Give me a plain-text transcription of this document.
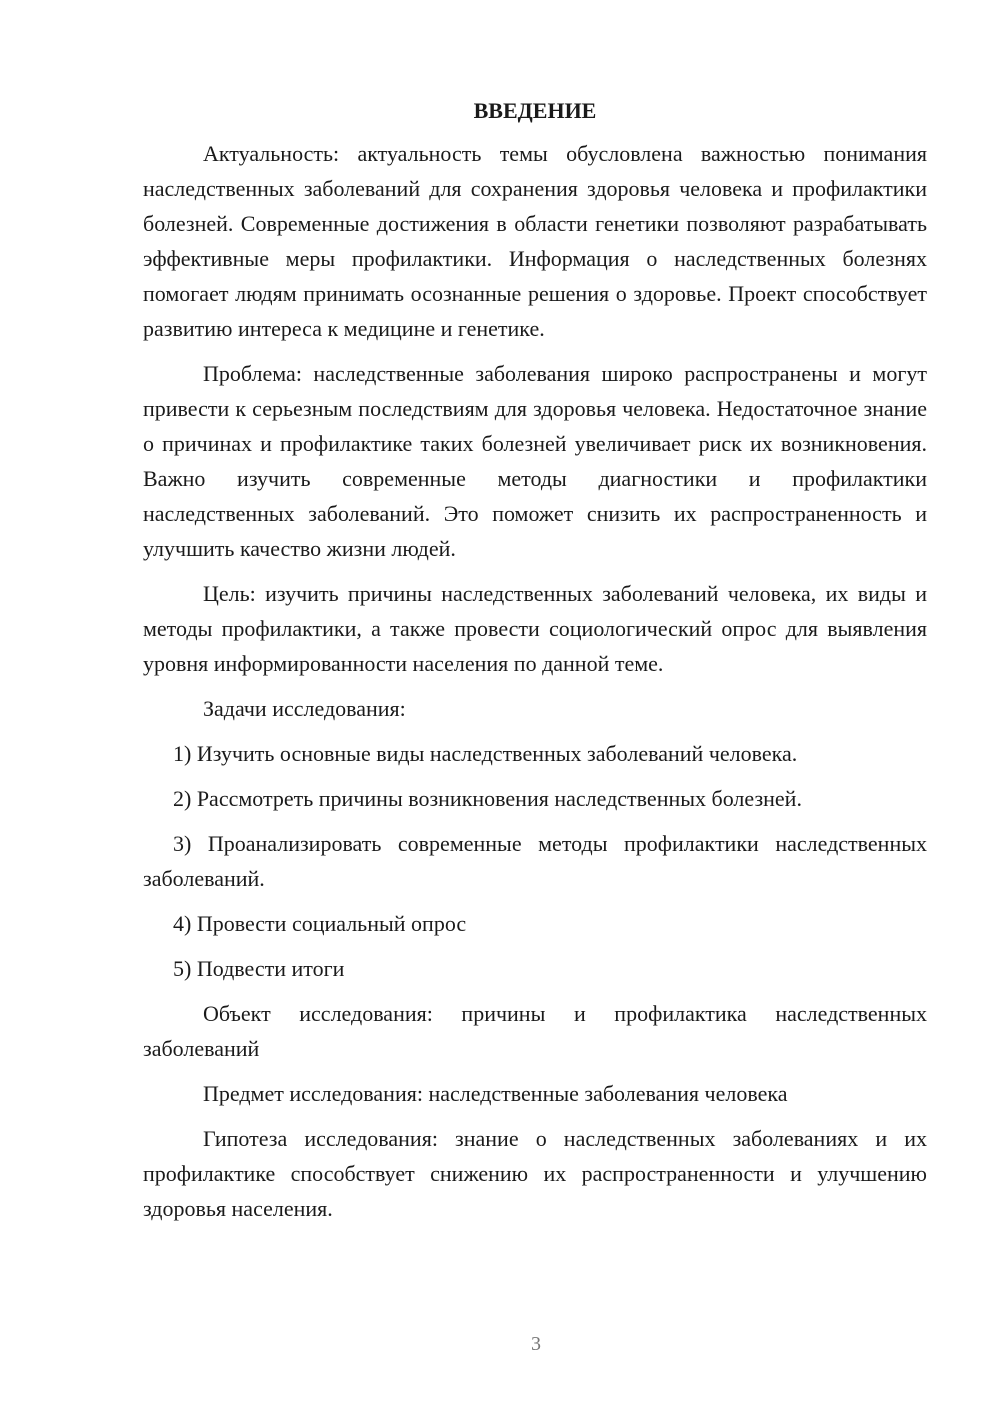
ВВЕДЕНИЕ

Актуальность: актуальность темы обусловлена важностью понимания наследственных заболеваний для сохранения здоровья человека и профилактики болезней. Современные достижения в области генетики позволяют разрабатывать эффективные меры профилактики. Информация о наследственных болезнях помогает людям принимать осознанные решения о здоровье. Проект способствует развитию интереса к медицине и генетике.

Проблема: наследственные заболевания широко распространены и могут привести к серьезным последствиям для здоровья человека. Недостаточное знание о причинах и профилактике таких болезней увеличивает риск их возникновения. Важно изучить современные методы диагностики и профилактики наследственных заболеваний. Это поможет снизить их распространенность и улучшить качество жизни людей.

Цель: изучить причины наследственных заболеваний человека, их виды и методы профилактики, а также провести социологический опрос для выявления уровня информированности населения по данной теме.

Задачи исследования:

1) Изучить основные виды наследственных заболеваний человека.

2) Рассмотреть причины возникновения наследственных болезней.

3) Проанализировать современные методы профилактики наследственных заболеваний.

4) Провести социальный опрос

5) Подвести итоги

Объект исследования: причины и профилактика наследственных заболеваний

Предмет исследования: наследственные заболевания человека

Гипотеза исследования: знание о наследственных заболеваниях и их профилактике способствует снижению их распространенности и улучшению здоровья населения.

3
